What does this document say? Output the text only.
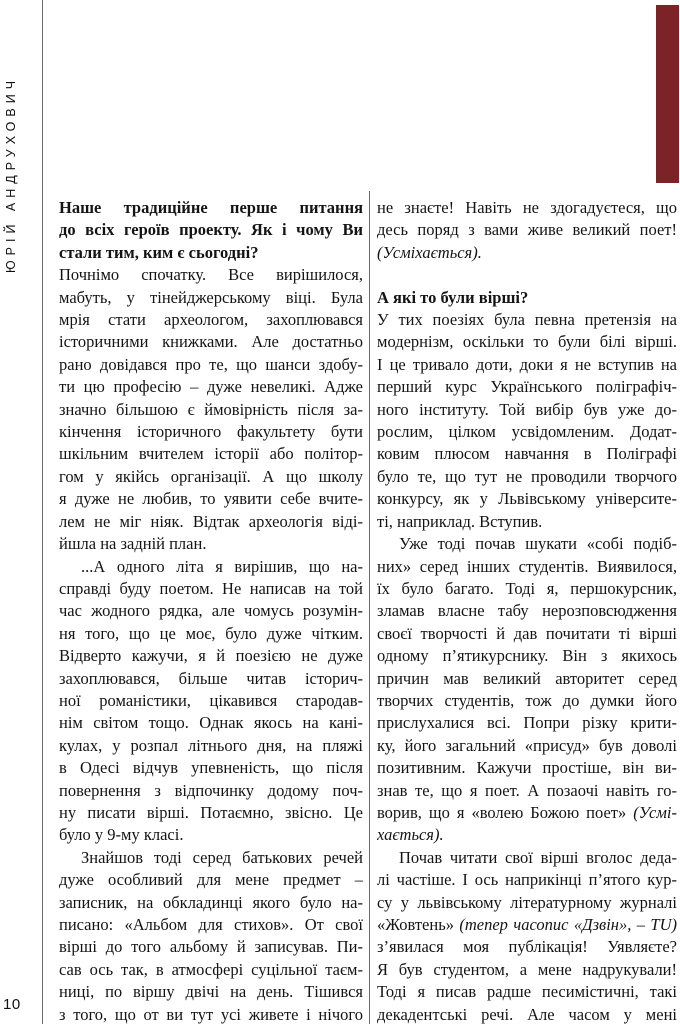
ЮРІЙ АНДРУХОВИЧ Наше традиційне перше питання
до всіх героїв проекту. Як і чому Ви
стали тим, ким є сьогодні?
Почнімо спочатку. Все вирішилося,
мабуть, у тінейджерському віці. Була
мрія стати археологом, захоплювався
історичними книжками. Але достатньо
рано довідався про те, що шанси здобу-
ти цю професію – дуже невеликі. Адже
значно більшою є ймовірність після за-
кінчення історичного факультету бути
шкільним вчителем історії або політор-
гом у якійсь організації. А що школу
я дуже не любив, то уявити себе вчите-
лем не міг ніяк. Відтак археологія віді-
йшла на задній план.
...А одного літа я вирішив, що на-
справді буду поетом. Не написав на той
час жодного рядка, але чомусь розумін-
ня того, що це моє, було дуже чітким.
Відверто кажучи, я й поезією не дуже
захоплювався, більше читав історич-
ної романістики, цікавився стародав-
нім світом тощо. Однак якось на кані-
кулах, у розпал літнього дня, на пляжі
в Одесі відчув упевненість, що після
повернення з відпочинку додому поч-
ну писати вірші. Потаємно, звісно. Це
було у 9-му класі.
Знайшов тоді серед батькових речей
дуже особливий для мене предмет –
записник, на обкладинці якого було на-
писано: «Альбом для стихов». От свої
вірші до того альбому й записував. Пи-
сав ось так, в атмосфері суцільної таєм-
ниці, по віршу двічі на день. Тішився
з того, що от ви тут усі живете і нічого
не знаєте! Навіть не здогадуєтеся, що
десь поряд з вами живе великий поет!
(Усміхається).
А які то були вірші?
У тих поезіях була певна претензія на
модернізм, оскільки то були білі вірші.
І це тривало доти, доки я не вступив на
перший курс Українського поліграфіч-
ного інституту. Той вибір був уже до-
рослим, цілком усвідомленим. Додат-
ковим плюсом навчання в Поліграфі
було те, що тут не проводили творчого
конкурсу, як у Львівському університе-
ті, наприклад. Вступив.
Уже тоді почав шукати «собі подіб-
них» серед інших студентів. Виявилося,
їх було багато. Тоді я, першокурсник,
зламав власне табу нерозповсюдження
своєї творчості й дав почитати ті вірші
одному п’ятикурснику. Він з якихось
причин мав великий авторитет серед
творчих студентів, тож до думки його
прислухалися всі. Попри різку крити-
ку, його загальний «присуд» був доволі
позитивним. Кажучи простіше, він ви-
знав те, що я поет. А позаочі навіть го-
ворив, що я «волею Божою поет» (Усмі-
хається).
Почав читати свої вірші вголос деда-
лі частіше. І ось наприкінці п’ятого кур-
су у львівському літературному журналі
«Жовтень» (тепер часопис «Дзвін», – TU)
з’явилася моя публікація! Уявляєте?
Я був студентом, а мене надрукували!
Тоді я писав радше песимістичні, такі
декадентські речі. Але часом у мені
10
